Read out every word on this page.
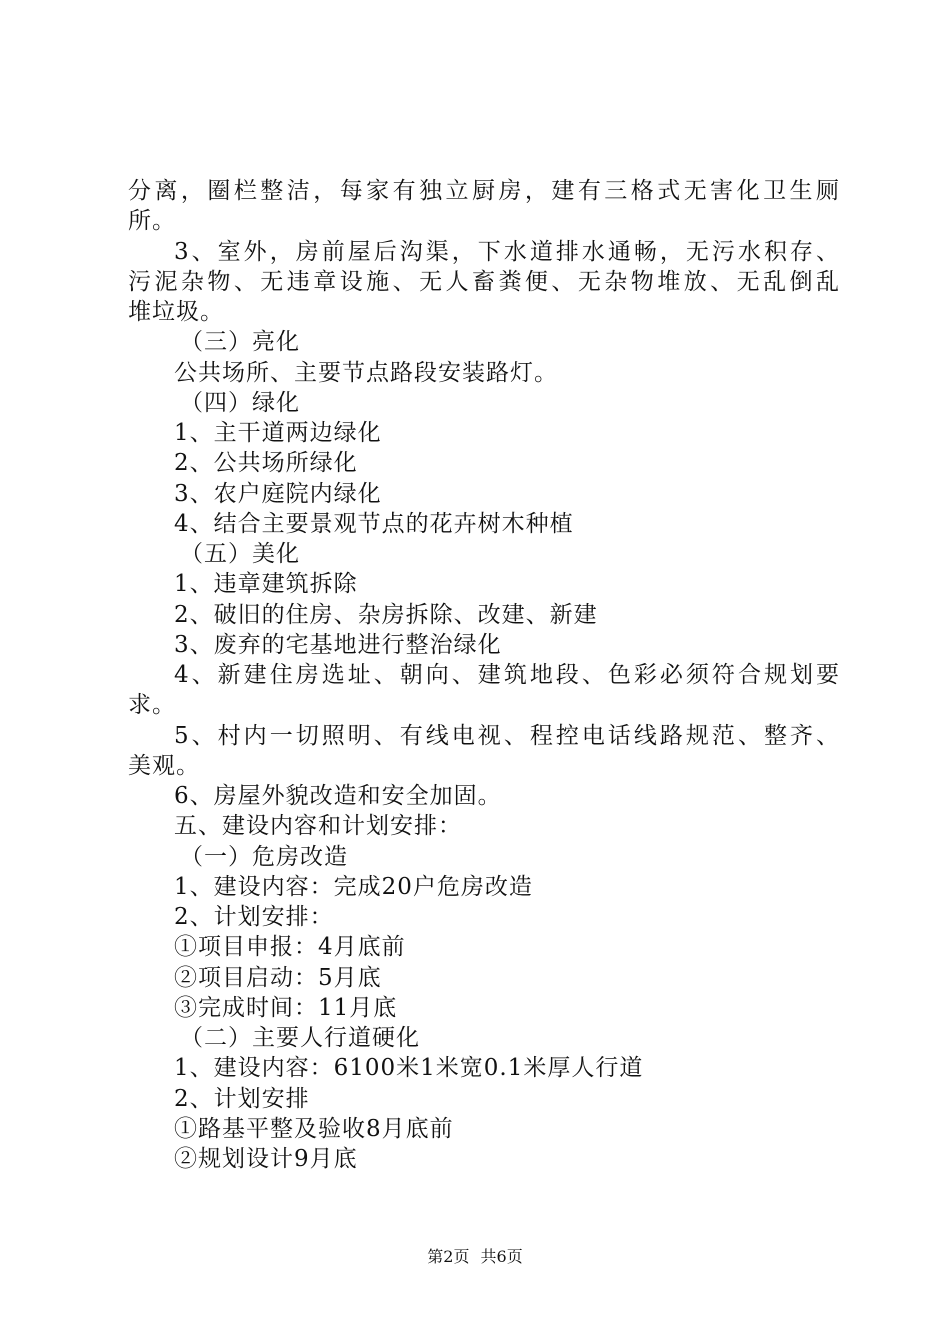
分离，圈栏整洁，每家有独立厨房，建有三格式无害化卫生厕

所。

3、室外，房前屋后沟渠，下水道排水通畅，无污水积存、

污泥杂物、无违章设施、无人畜粪便、无杂物堆放、无乱倒乱

堆垃圾。

（三）亮化

公共场所、主要节点路段安装路灯。

（四）绿化

1、主干道两边绿化

2、公共场所绿化

3、农户庭院内绿化

4、结合主要景观节点的花卉树木种植

（五）美化

1、违章建筑拆除

2、破旧的住房、杂房拆除、改建、新建

3、废弃的宅基地进行整治绿化

4、新建住房选址、朝向、建筑地段、色彩必须符合规划要

求。

5、村内一切照明、有线电视、程控电话线路规范、整齐、

美观。

6、房屋外貌改造和安全加固。

五、建设内容和计划安排：

（一）危房改造

1、建设内容：完成20户危房改造

2、计划安排：

①项目申报：4月底前

②项目启动：5月底

③完成时间：11月底

（二）主要人行道硬化

1、建设内容：6100米1米宽0.1米厚人行道

2、计划安排

①路基平整及验收8月底前

②规划设计9月底

第2页 共6页
